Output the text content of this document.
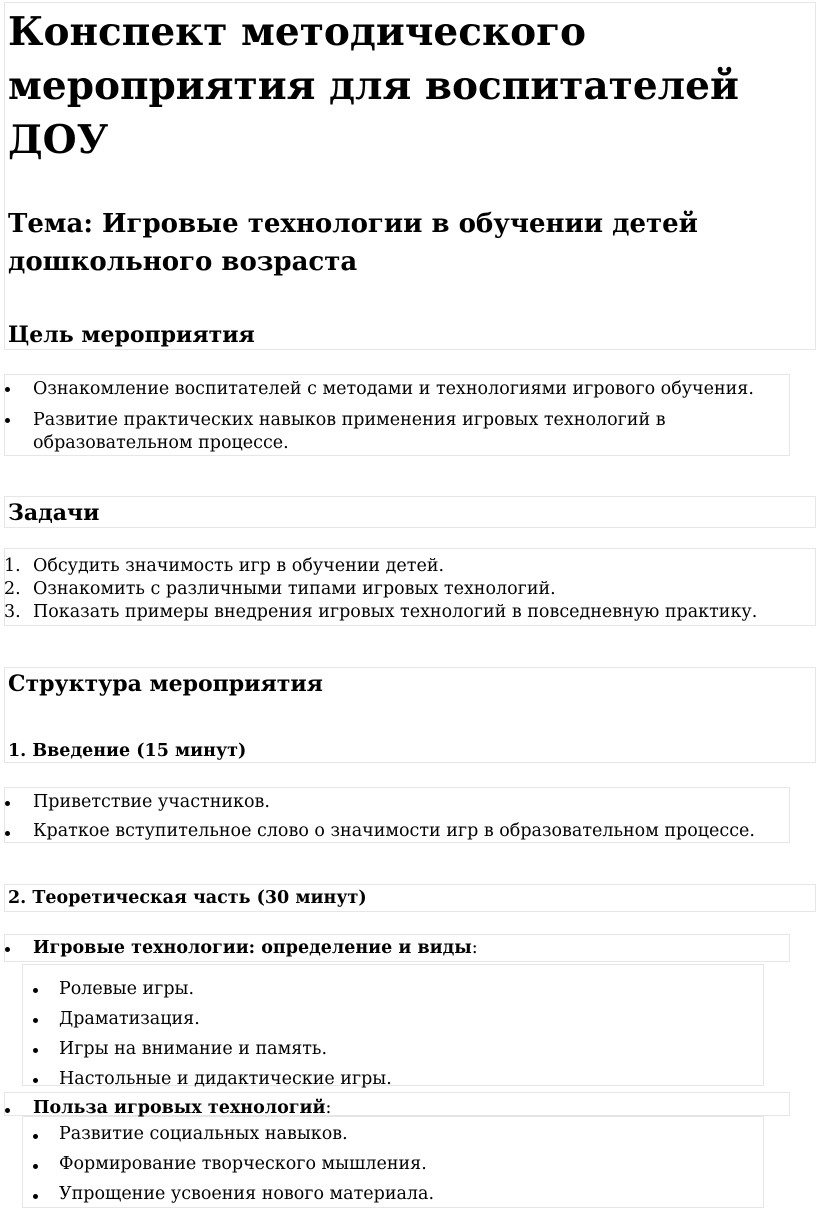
Конспект методического
мероприятия для воспитателей
ДОУ
Тема: Игровые технологии в обучении детей
дошкольного возраста
Цель мероприятия
Ознакомление воспитателей с методами и технологиями игрового обучения.
Развитие практических навыков применения игровых технологий в
образовательном процессе.
Задачи
1. Обсудить значимость игр в обучении детей.
2. Ознакомить с различными типами игровых технологий.
3. Показать примеры внедрения игровых технологий в повседневную практику.
Структура мероприятия
1. Введение (15 минут)
Приветствие участников.
Краткое вступительное слово о значимости игр в образовательном процессе.
2. Теоретическая часть (30 минут)
Игровые технологии: определение и виды:
Ролевые игры.
Драматизация.
Игры на внимание и память.
Настольные и дидактические игры.
Польза игровых технологий:
Развитие социальных навыков.
Формирование творческого мышления.
Упрощение усвоения нового материала.
